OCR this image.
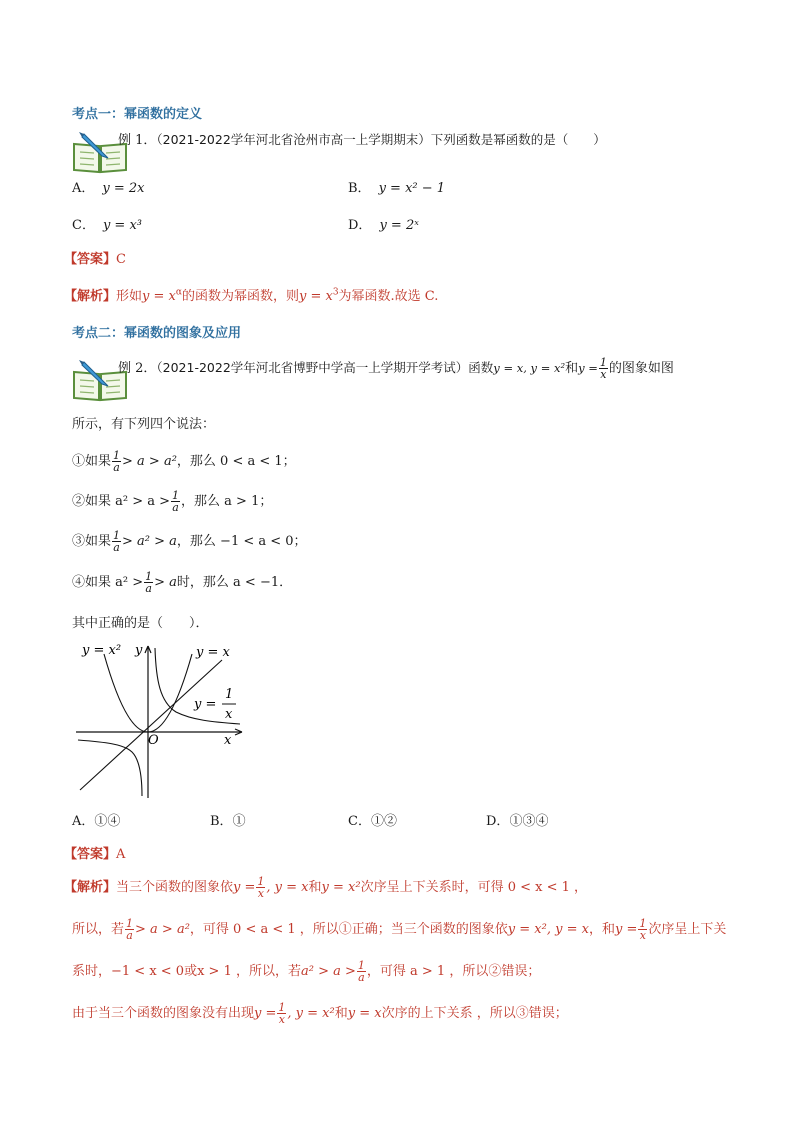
考点一：幂函数的定义
例 1．（2021-2022学年河北省沧州市高一上学期期末）下列函数是幂函数的是（　　）
A． y = 2x	B． y = x² − 1
C． y = x³	D． y = 2ˣ
【答案】C
【解析】形如$y = x^\alpha$的函数为幂函数，则$y = x^3$为幂函数.故选 C.
考点二：幂函数的图象及应用
例 2．（2021-2022学年河北省博野中学高一上学期开学考试）函数y = x, y = x²和$y = \frac{1}{x}$ 的图象如图
所示，有下列四个说法：
①如果 $\frac{1}{a} > a > a^2$，那么 0 < a < 1；
②如果 $a^2 > a > \frac{1}{a}$ ，那么 a > 1；
③如果 $\frac{1}{a} > a^2 > a$，那么 −1 < a < 0；
④如果 $a^2 > \frac{1}{a} > a$时，那么 a < −1．
其中正确的是（　　）．
y = x² y	y = x
y =
1
x
O	x
A．①④	B．①	C．①②	D．①③④
【答案】A
【解析】当三个函数的图象依$y = \frac{1}{x}$ , y = x和y = x²次序呈上下关系时，可得 0 < x < 1 ，
所以，若 $\frac{1}{a} > a > a^2$，可得 0 < a < 1 ，所以①正确；当三个函数的图象依y = x², y = x，和$y = \frac{1}{x}$ 次序呈上下关
系时，−1 < x < 0或x > 1 ，所以，若$a^2 > a > \frac{1}{a}$ ，可得 a > 1 ，所以②错误；
由于当三个函数的图象没有出现$y = \frac{1}{x}$ , y = x²和y = x次序的上下关系 ，所以③错误；
